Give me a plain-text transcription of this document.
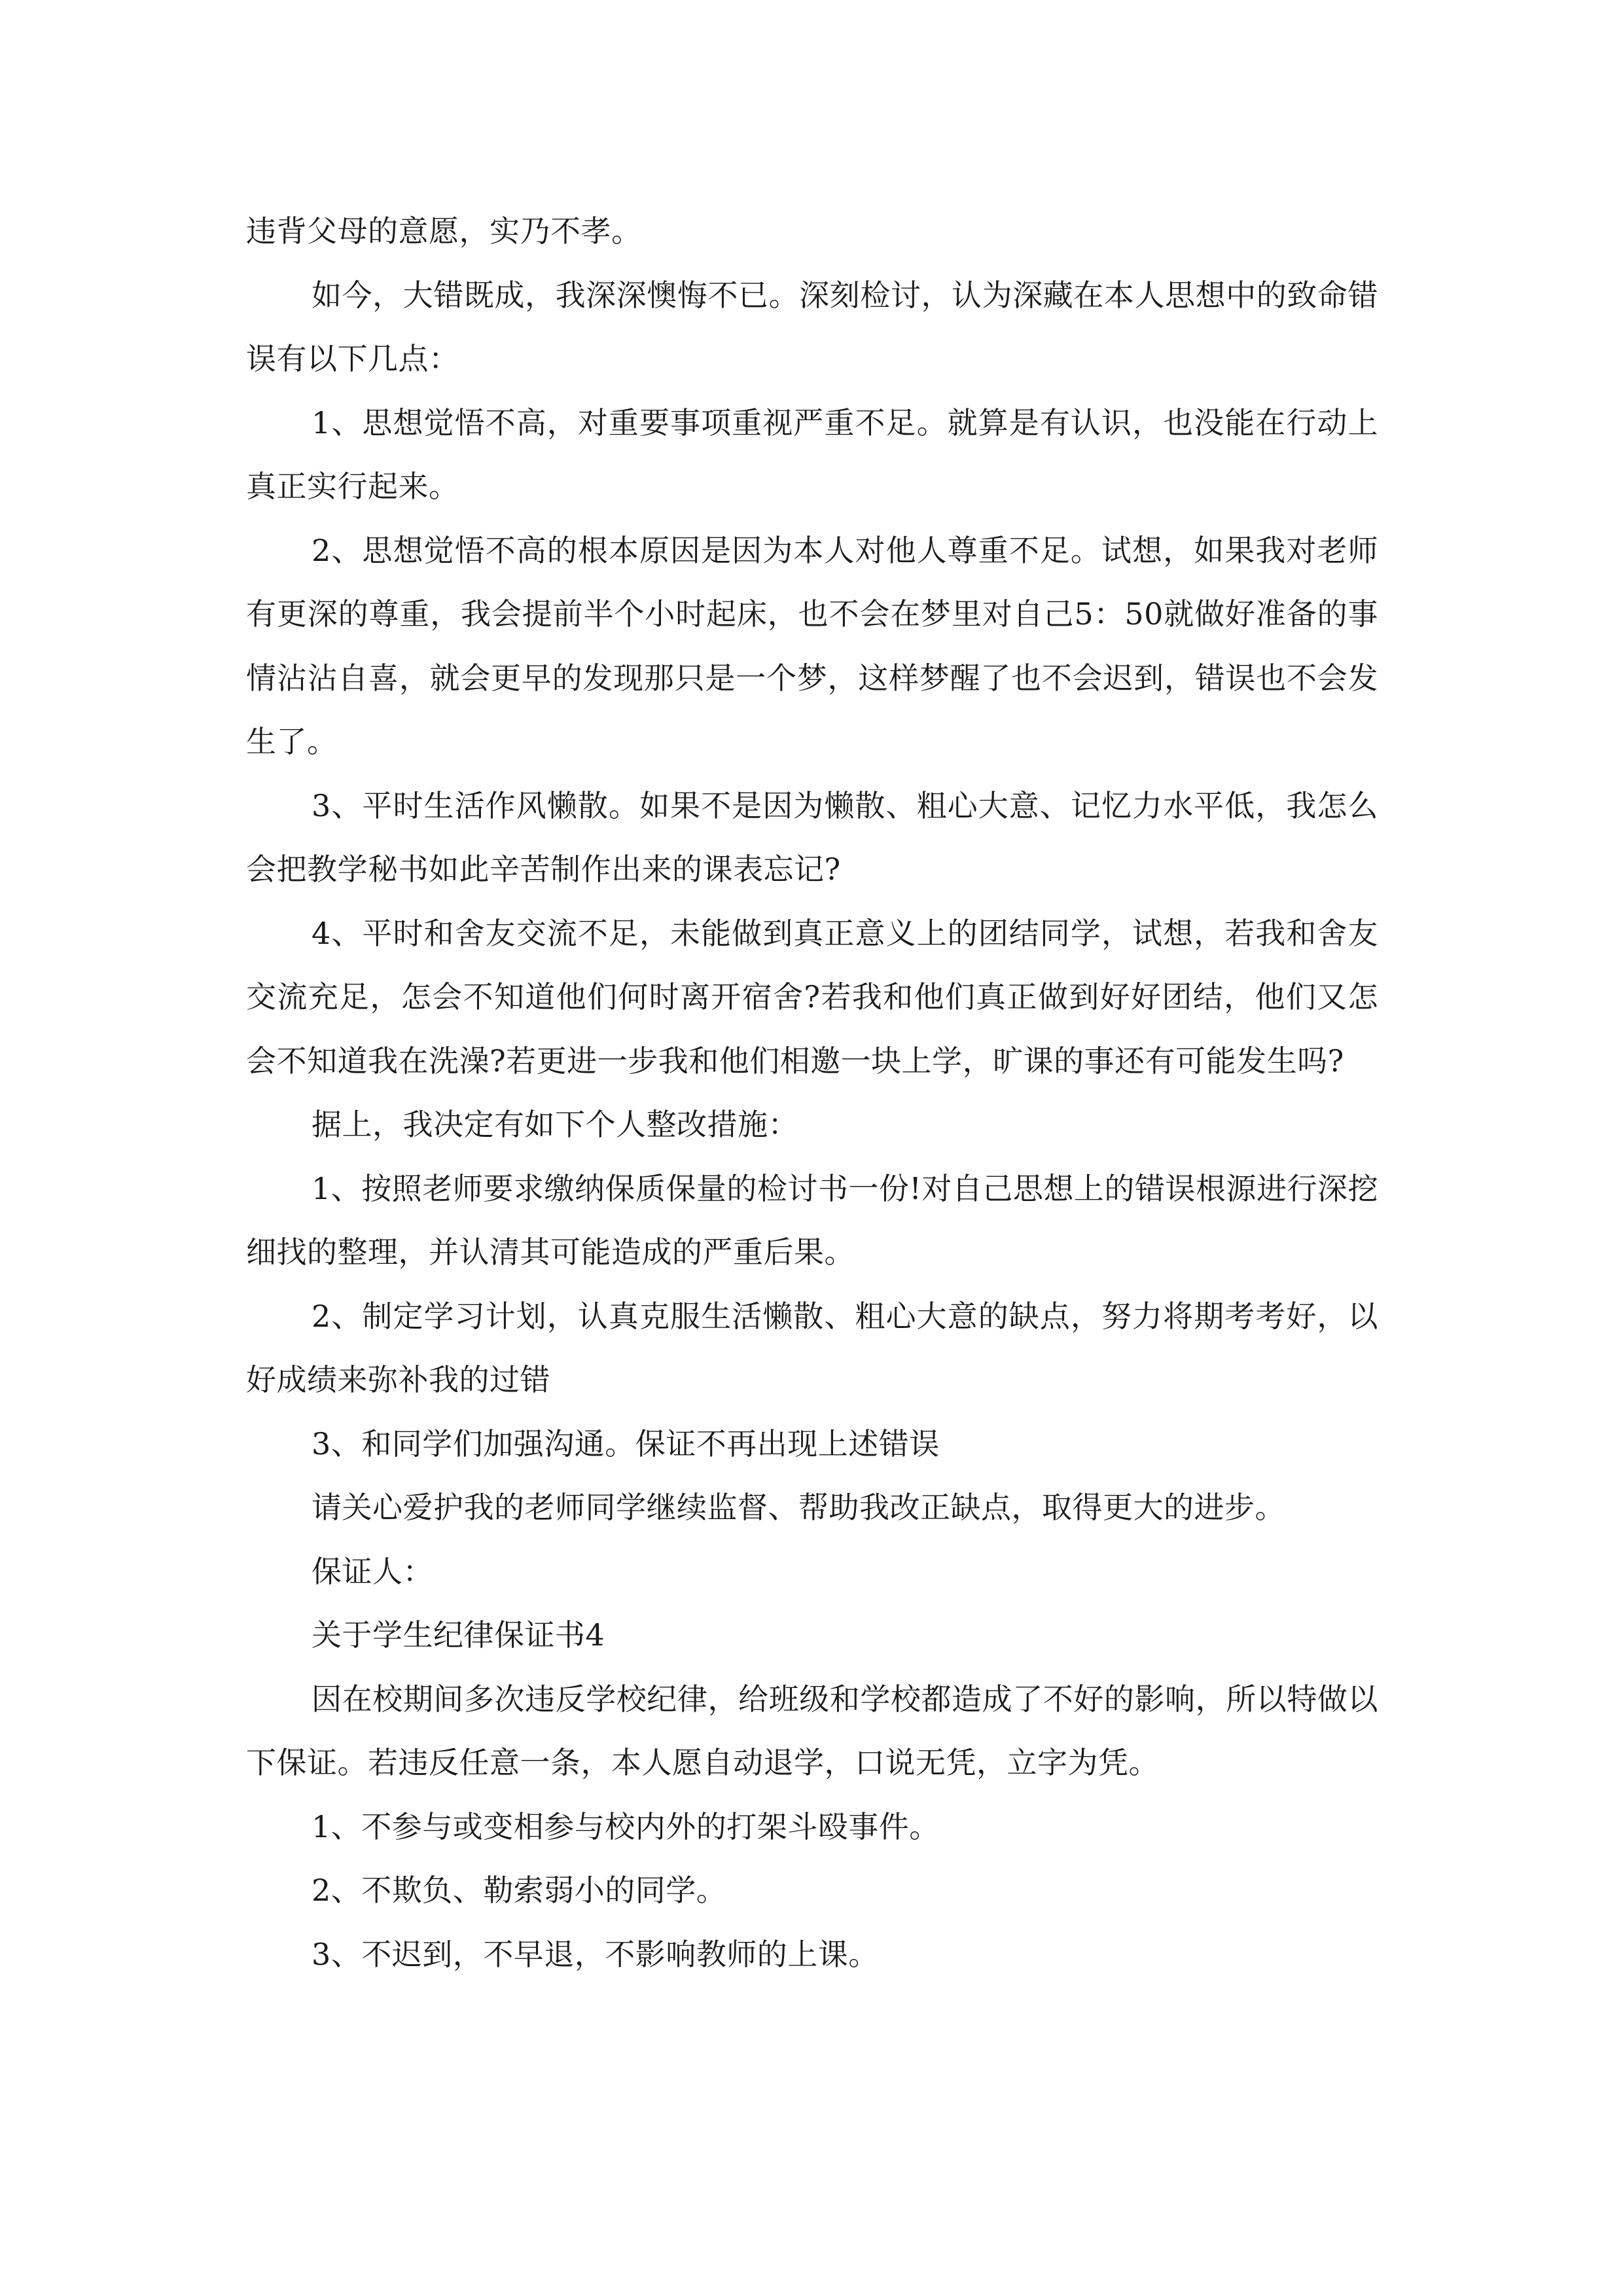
违背父母的意愿，实乃不孝。

如今，大错既成，我深深懊悔不已。深刻检讨，认为深藏在本人思想中的致命错误有以下几点：

1、思想觉悟不高，对重要事项重视严重不足。就算是有认识，也没能在行动上真正实行起来。

2、思想觉悟不高的根本原因是因为本人对他人尊重不足。试想，如果我对老师有更深的尊重，我会提前半个小时起床，也不会在梦里对自己5：50就做好准备的事情沾沾自喜，就会更早的发现那只是一个梦，这样梦醒了也不会迟到，错误也不会发生了。

3、平时生活作风懒散。如果不是因为懒散、粗心大意、记忆力水平低，我怎么会把教学秘书如此辛苦制作出来的课表忘记?

4、平时和舍友交流不足，未能做到真正意义上的团结同学，试想，若我和舍友交流充足，怎会不知道他们何时离开宿舍?若我和他们真正做到好好团结，他们又怎会不知道我在洗澡?若更进一步我和他们相邀一块上学，旷课的事还有可能发生吗?

据上，我决定有如下个人整改措施：

1、按照老师要求缴纳保质保量的检讨书一份!对自己思想上的错误根源进行深挖细找的整理，并认清其可能造成的严重后果。

2、制定学习计划，认真克服生活懒散、粗心大意的缺点，努力将期考考好，以好成绩来弥补我的过错

3、和同学们加强沟通。保证不再出现上述错误

请关心爱护我的老师同学继续监督、帮助我改正缺点，取得更大的进步。

保证人：

关于学生纪律保证书4

因在校期间多次违反学校纪律，给班级和学校都造成了不好的影响，所以特做以下保证。若违反任意一条，本人愿自动退学，口说无凭，立字为凭。

1、不参与或变相参与校内外的打架斗殴事件。

2、不欺负、勒索弱小的同学。

3、不迟到，不早退，不影响教师的上课。
